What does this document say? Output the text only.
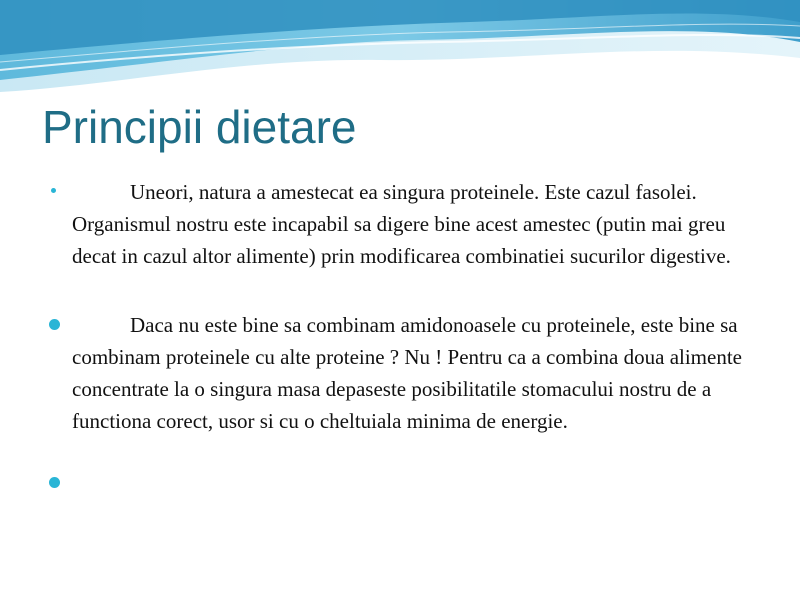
Principii dietare
Uneori, natura a amestecat ea singura proteinele. Este cazul fasolei. Organismul nostru este incapabil sa digere bine acest amestec (putin mai greu decat in cazul altor alimente) prin modificarea combinatiei sucurilor digestive.
Daca nu este bine sa combinam amidonoasele cu proteinele, este bine sa combinam proteinele cu alte proteine ? Nu ! Pentru ca a combina doua alimente concentrate la o singura masa depaseste posibilitatile stomacului nostru de a functiona corect, usor si cu o cheltuiala minima de energie.
